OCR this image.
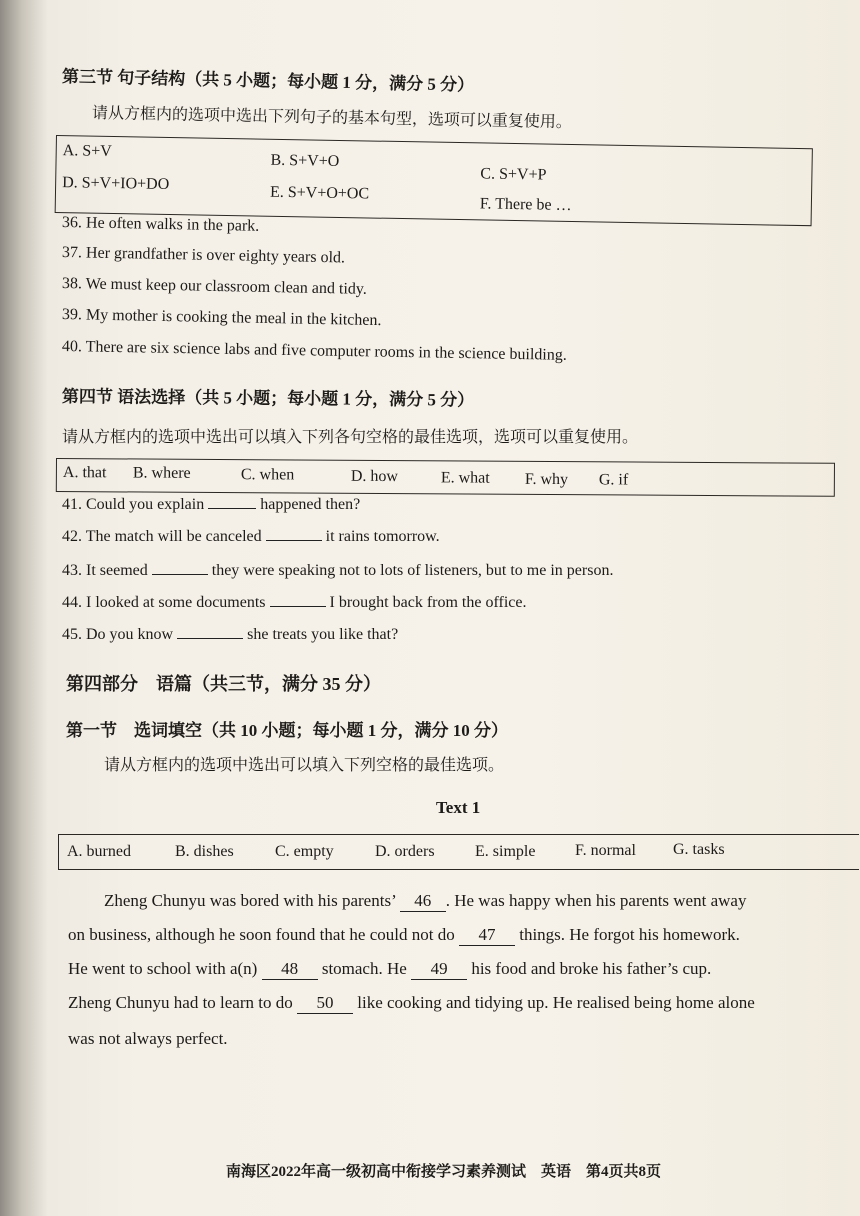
第三节 句子结构（共 5 小题；每小题 1 分，满分 5 分）
请从方框内的选项中选出下列句子的基本句型，选项可以重复使用。
A. S+V
B. S+V+O
C. S+V+P
D. S+V+IO+DO
E. S+V+O+OC
F. There be …
36. He often walks in the park.
37. Her grandfather is over eighty years old.
38. We must keep our classroom clean and tidy.
39. My mother is cooking the meal in the kitchen.
40. There are six science labs and five computer rooms in the science building.
第四节 语法选择（共 5 小题；每小题 1 分，满分 5 分）
请从方框内的选项中选出可以填入下列各句空格的最佳选项，选项可以重复使用。
A. that B. where	C. when	D. how	E. what F. why G. if
41. Could you explain	happened then?
42. The match will be canceled	it rains tomorrow.
43. It seemed	they were speaking not to lots of listeners, but to me in person.
44. I looked at some documents	I brought back from the office.
45. Do you know	she treats you like that?
第四部分　语篇（共三节，满分 35 分）
第一节　选词填空（共 10 小题；每小题 1 分，满分 10 分）
请从方框内的选项中选出可以填入下列空格的最佳选项。
Text 1
A. burned	B. dishes	C. empty	D. orders	E. simple F. normal G. tasks
Zheng Chunyu was bored with his parents’ 46 . He was happy when his parents went away
on business, although he soon found that he could not do 47 things. He forgot his homework.
He went to school with a(n) 48 stomach. He 49 his food and broke his father’s cup.
Zheng Chunyu had to learn to do 50 like cooking and tidying up. He realised being home alone
was not always perfect.
南海区2022年高一级初高中衔接学习素养测试　英语　第4页共8页
